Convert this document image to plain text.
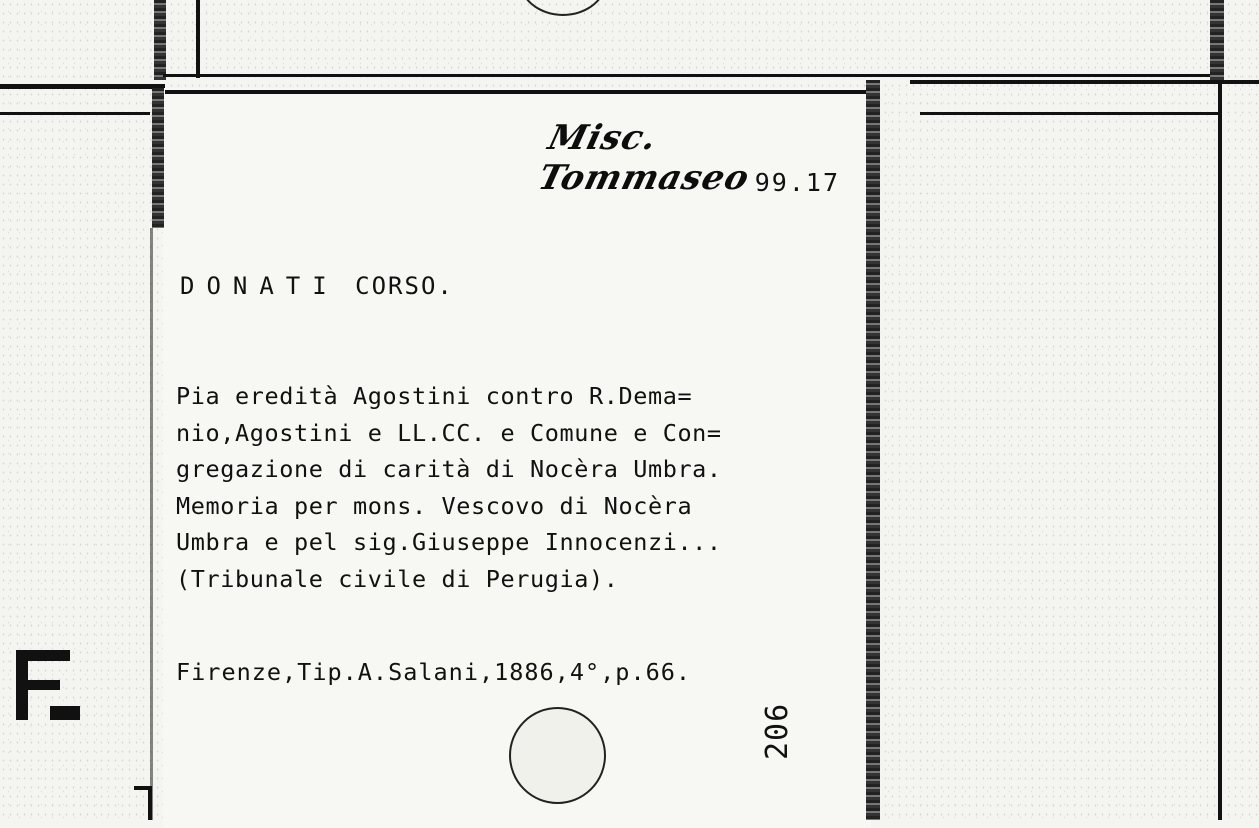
Misc. Tommaseo 99.17
DONATI CORSO.
Pia eredità Agostini contro R.Dema=
nio,Agostini e LL.CC. e Comune e Con=
gregazione di carità di Nocèra Umbra.
Memoria per mons. Vescovo di Nocèra
Umbra e pel sig.Giuseppe Innocenzi...
(Tribunale civile di Perugia).
Firenze,Tip.A.Salani,1886,4°,p.66.
206
